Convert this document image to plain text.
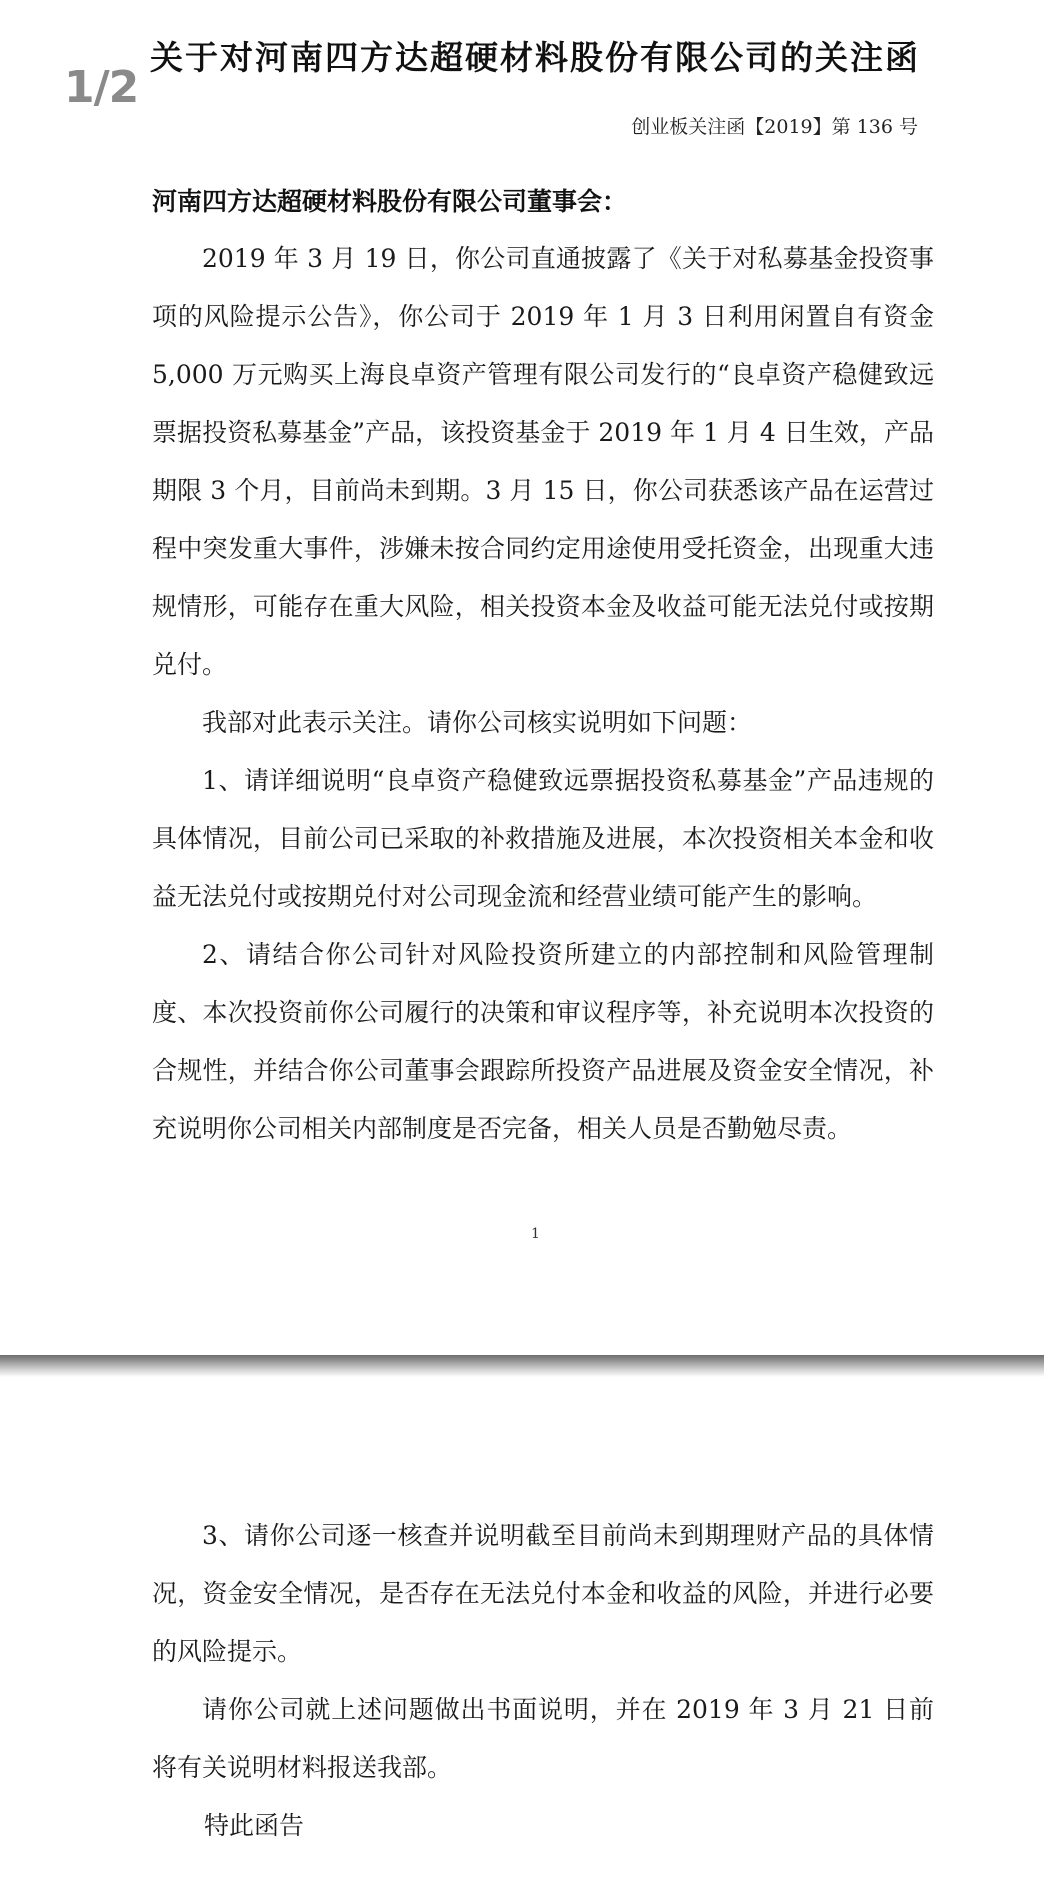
1/2
关于对河南四方达超硬材料股份有限公司的关注函
创业板关注函【2019】第 136 号
河南四方达超硬材料股份有限公司董事会：

2019 年 3 月 19 日，你公司直通披露了《关于对私募基金投资事项的风险提示公告》，你公司于 2019 年 1 月 3 日利用闲置自有资金 5,000 万元购买上海良卓资产管理有限公司发行的“良卓资产稳健致远票据投资私募基金”产品，该投资基金于 2019 年 1 月 4 日生效，产品期限 3 个月，目前尚未到期。3 月 15 日，你公司获悉该产品在运营过程中突发重大事件，涉嫌未按合同约定用途使用受托资金，出现重大违规情形，可能存在重大风险，相关投资本金及收益可能无法兑付或按期兑付。

我部对此表示关注。请你公司核实说明如下问题：

1、请详细说明“良卓资产稳健致远票据投资私募基金”产品违规的具体情况，目前公司已采取的补救措施及进展，本次投资相关本金和收益无法兑付或按期兑付对公司现金流和经营业绩可能产生的影响。

2、请结合你公司针对风险投资所建立的内部控制和风险管理制度、本次投资前你公司履行的决策和审议程序等，补充说明本次投资的合规性，并结合你公司董事会跟踪所投资产品进展及资金安全情况，补充说明你公司相关内部制度是否完备，相关人员是否勤勉尽责。

1

3、请你公司逐一核查并说明截至目前尚未到期理财产品的具体情况，资金安全情况，是否存在无法兑付本金和收益的风险，并进行必要的风险提示。

请你公司就上述问题做出书面说明，并在 2019 年 3 月 21 日前将有关说明材料报送我部。

特此函告
